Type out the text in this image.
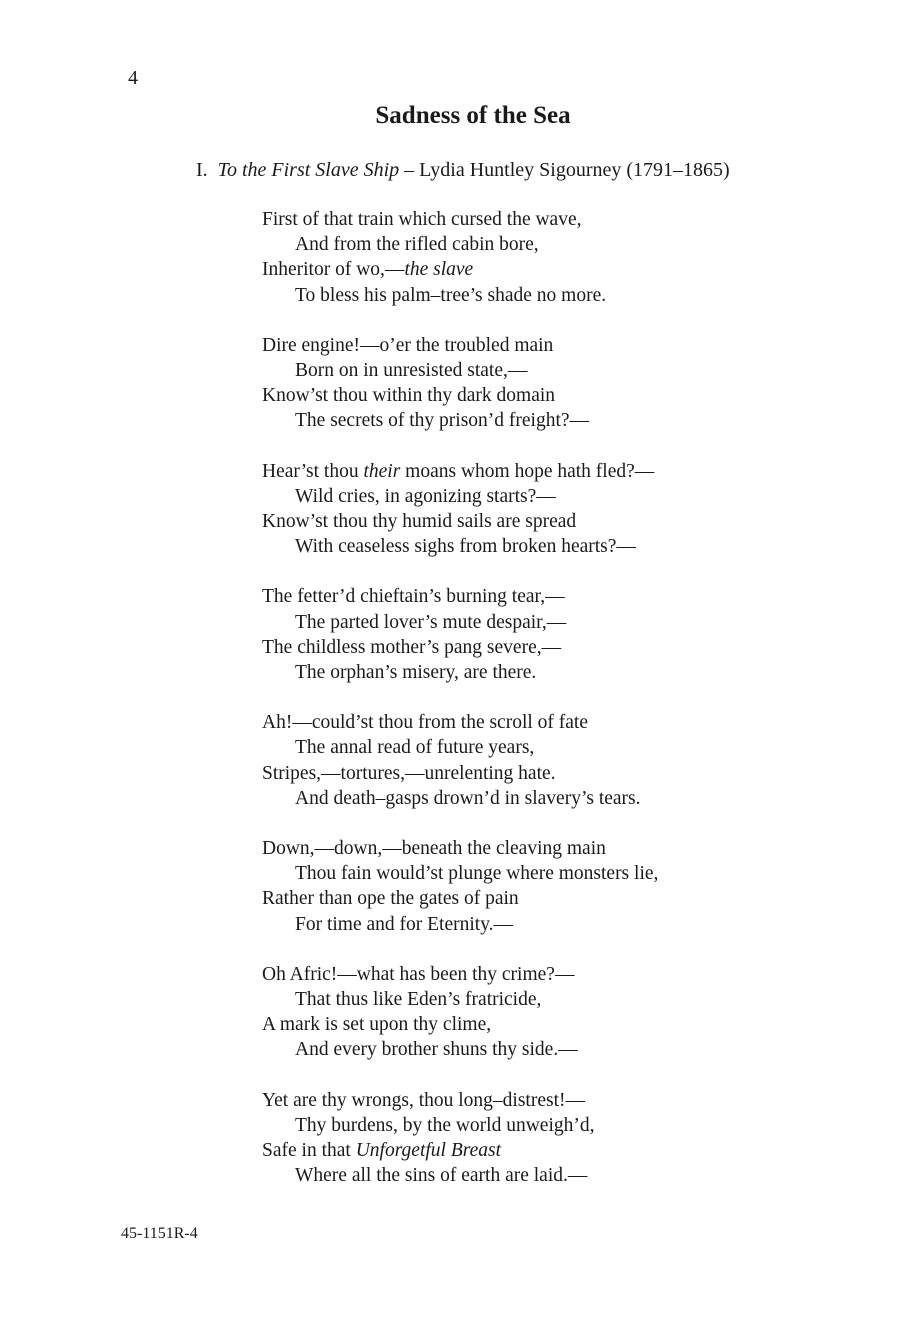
4
Sadness of the Sea
I. To the First Slave Ship – Lydia Huntley Sigourney (1791–1865)
First of that train which cursed the wave,
And from the rifled cabin bore,
Inheritor of wo,—the slave
To bless his palm–tree’s shade no more.
Dire engine!—o’er the troubled main
Born on in unresisted state,—
Know’st thou within thy dark domain
The secrets of thy prison’d freight?—
Hear’st thou their moans whom hope hath fled?—
Wild cries, in agonizing starts?—
Know’st thou thy humid sails are spread
With ceaseless sighs from broken hearts?—
The fetter’d chieftain’s burning tear,—
The parted lover’s mute despair,—
The childless mother’s pang severe,—
The orphan’s misery, are there.
Ah!—could’st thou from the scroll of fate
The annal read of future years,
Stripes,—tortures,—unrelenting hate.
And death–gasps drown’d in slavery’s tears.
Down,—down,—beneath the cleaving main
Thou fain would’st plunge where monsters lie,
Rather than ope the gates of pain
For time and for Eternity.—
Oh Afric!—what has been thy crime?—
That thus like Eden’s fratricide,
A mark is set upon thy clime,
And every brother shuns thy side.—
Yet are thy wrongs, thou long–distrest!—
Thy burdens, by the world unweigh’d,
Safe in that Unforgetful Breast
Where all the sins of earth are laid.—
45-1151R-4
